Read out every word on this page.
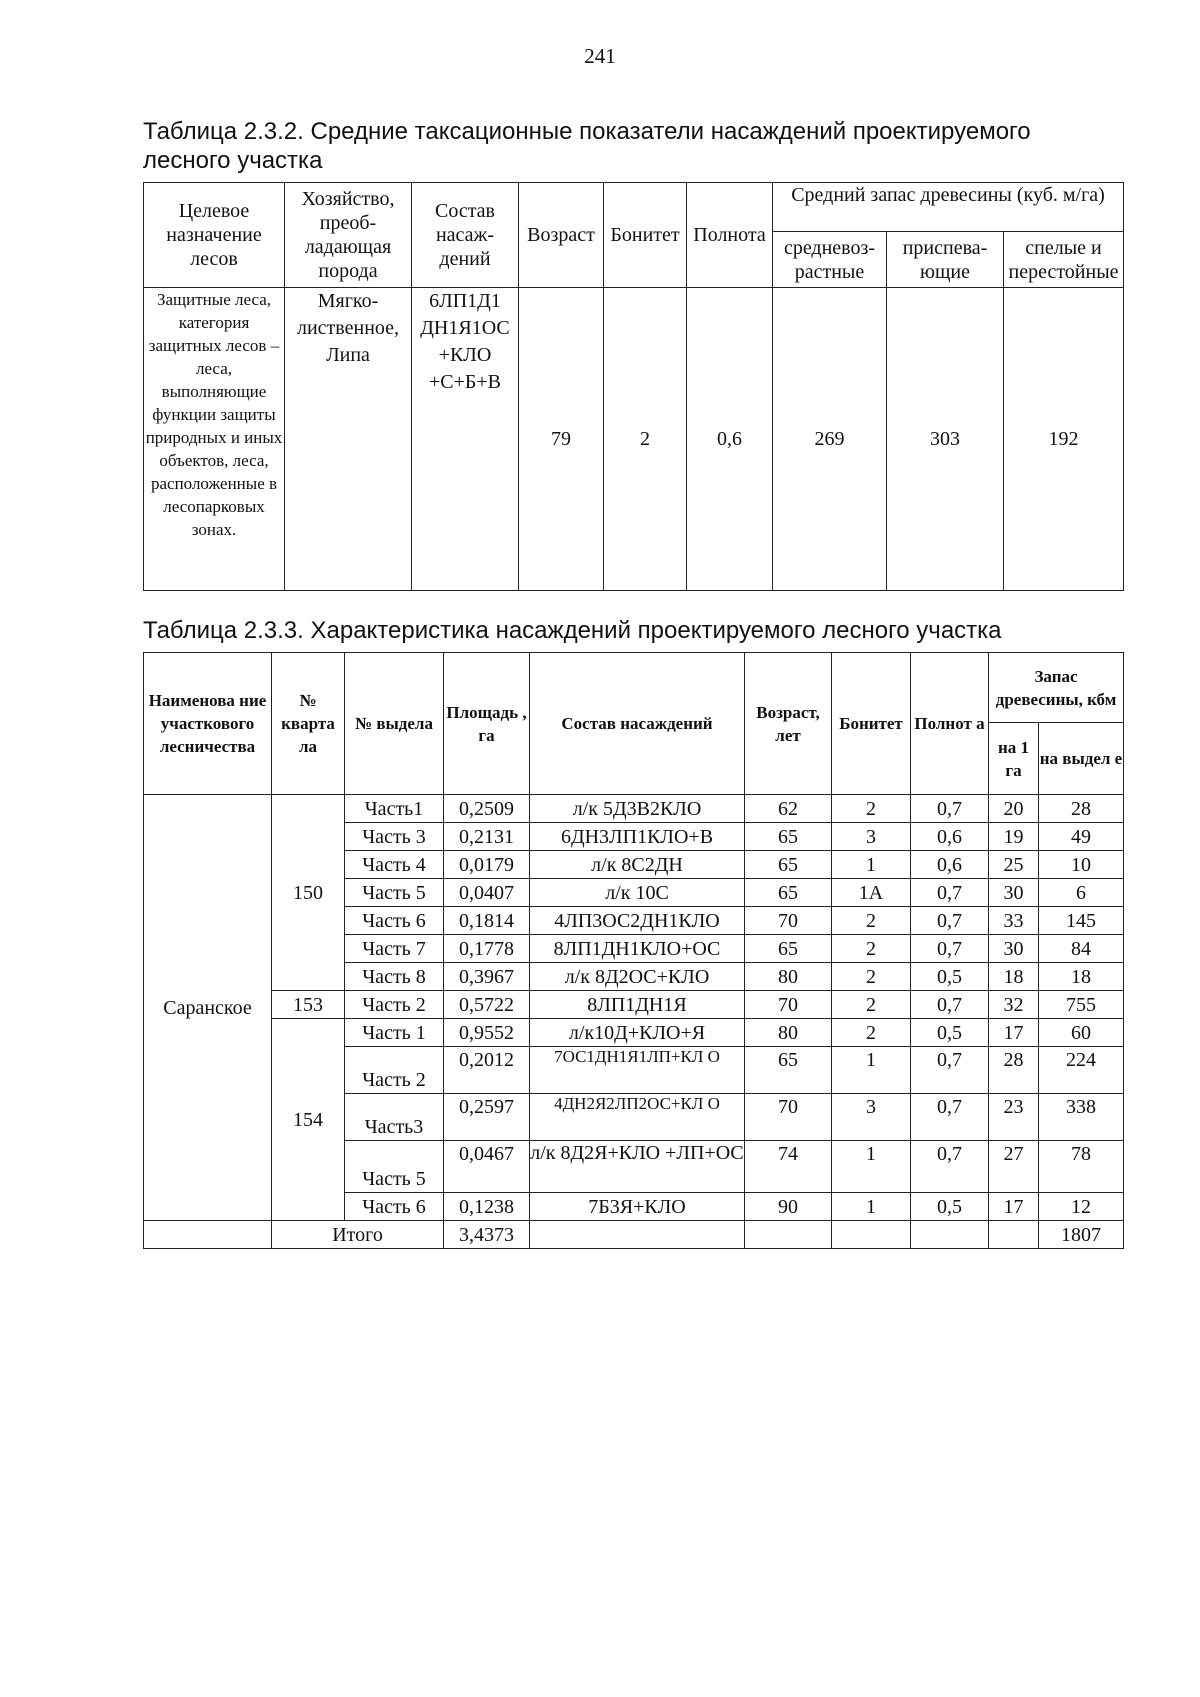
241
Таблица 2.3.2. Средние таксационные показатели насаждений проектируемого лесного участка
Целевое назначение лесов	Хозяйство, преоб-ладающая порода	Состав насаж-дений	Возраст	Бонитет	Полнота	Средний запас древесины (куб. м/га)		
						средневоз-растные	приспева-ющие	спелые и перестойные
Защитные леса, категория защитных лесов – леса, выполняющие функции защиты природных и иных объектов, леса, расположенные в лесопарковых зонах.	Мягко-лиственное, Липа	6ЛП1Д1 ДН1Я1ОС +КЛО +С+Б+В	79	2	0,6	269	303	192
Таблица 2.3.3. Характеристика насаждений проектируемого лесного участка
Наименова ние участкового лесничества	№ кварта ла	№ выдела	Площадь , га	Состав насаждений	Возраст, лет	Бонитет	Полнот а	Запас древесины, кбм	
								на 1 га	на выдел е
Саранское	150	Часть1	0,2509	л/к 5Д3В2КЛО	62	2	0,7	20	28
		Часть 3	0,2131	6ДН3ЛП1КЛО+В	65	3	0,6	19	49
		Часть 4	0,0179	л/к 8С2ДН	65	1	0,6	25	10
		Часть 5	0,0407	л/к 10С	65	1А	0,7	30	6
		Часть 6	0,1814	4ЛП3ОС2ДН1КЛО	70	2	0,7	33	145
		Часть 7	0,1778	8ЛП1ДН1КЛО+ОС	65	2	0,7	30	84
		Часть 8	0,3967	л/к 8Д2ОС+КЛО	80	2	0,5	18	18
	153	Часть 2	0,5722	8ЛП1ДН1Я	70	2	0,7	32	755
	154	Часть 1	0,9552	л/к10Д+КЛО+Я	80	2	0,5	17	60
		Часть 2	0,2012	7ОС1ДН1Я1ЛП+КЛ О	65	1	0,7	28	224
		Часть3	0,2597	4ДН2Я2ЛП2ОС+КЛ О	70	3	0,7	23	338
		Часть 5	0,0467	л/к 8Д2Я+КЛО +ЛП+ОС	74	1	0,7	27	78
		Часть 6	0,1238	7Б3Я+КЛО	90	1	0,5	17	12
	Итого		3,4373						1807
